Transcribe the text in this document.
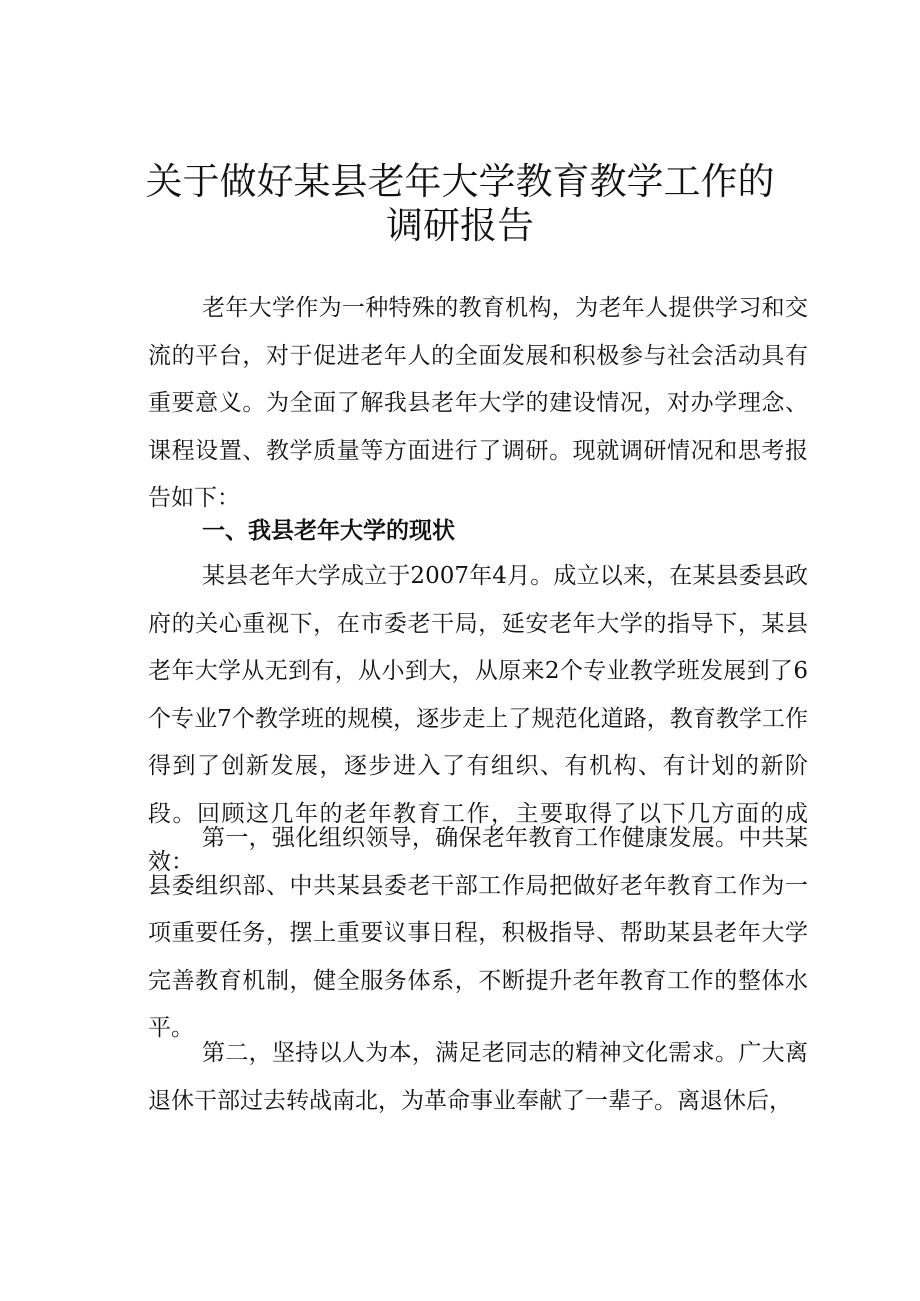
关于做好某县老年大学教育教学工作的
调研报告

老年大学作为一种特殊的教育机构，为老年人提供学习和交流的平台，对于促进老年人的全面发展和积极参与社会活动具有重要意义。为全面了解我县老年大学的建设情况，对办学理念、课程设置、教学质量等方面进行了调研。现就调研情况和思考报告如下：

一、我县老年大学的现状

某县老年大学成立于2007年4月。成立以来，在某县委县政府的关心重视下，在市委老干局，延安老年大学的指导下，某县老年大学从无到有，从小到大，从原来2个专业教学班发展到了6个专业7个教学班的规模，逐步走上了规范化道路，教育教学工作得到了创新发展，逐步进入了有组织、有机构、有计划的新阶段。回顾这几年的老年教育工作，主要取得了以下几方面的成效：

第一，强化组织领导，确保老年教育工作健康发展。中共某县委组织部、中共某县委老干部工作局把做好老年教育工作为一项重要任务，摆上重要议事日程，积极指导、帮助某县老年大学完善教育机制，健全服务体系，不断提升老年教育工作的整体水平。

第二，坚持以人为本，满足老同志的精神文化需求。广大离退休干部过去转战南北，为革命事业奉献了一辈子。离退休后，
